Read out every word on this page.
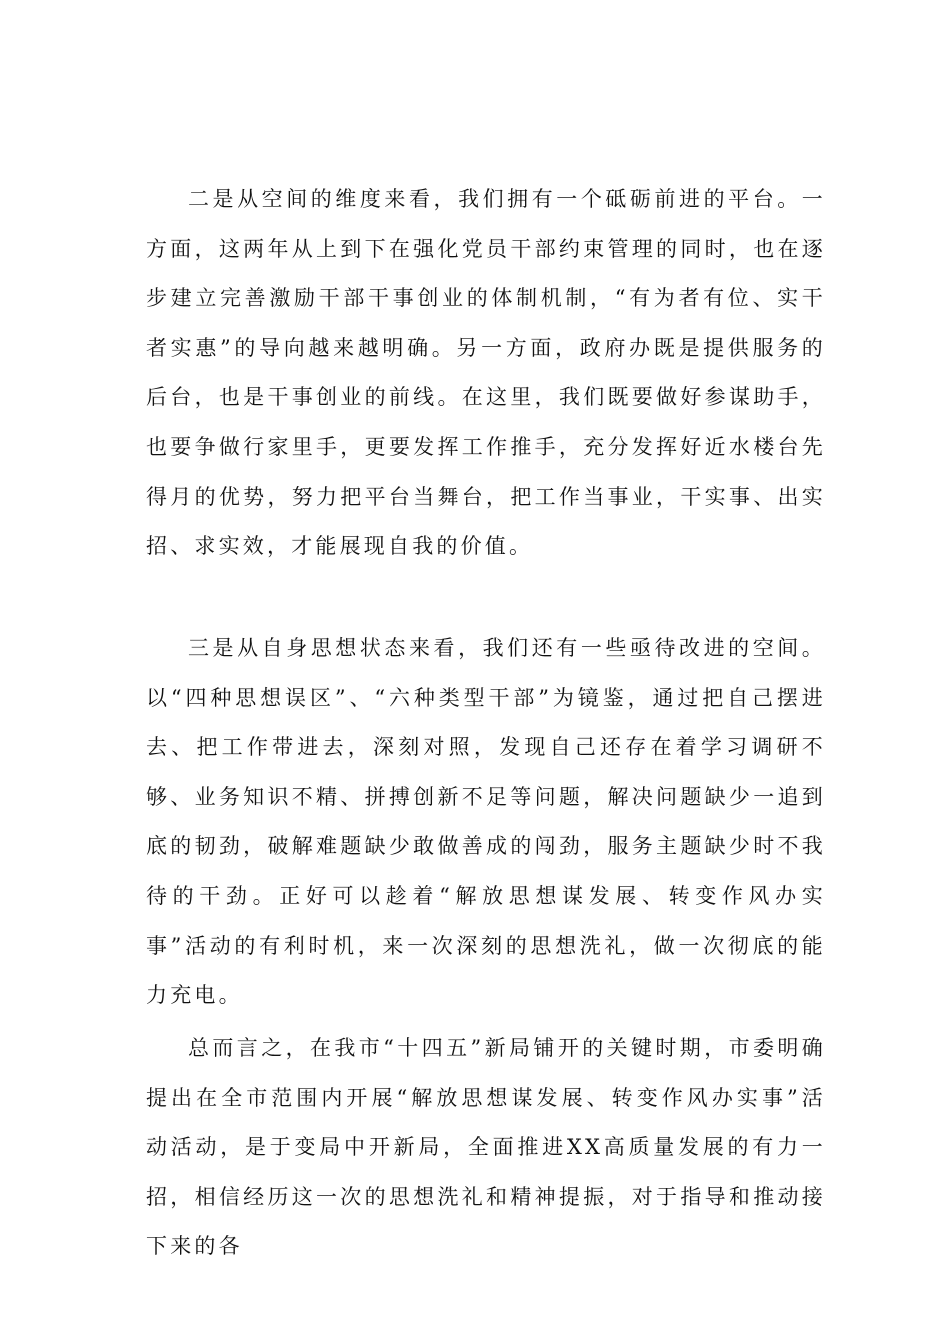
二是从空间的维度来看，我们拥有一个砥砺前进的平台。一方面，这两年从上到下在强化党员干部约束管理的同时，也在逐步建立完善激励干部干事创业的体制机制，“有为者有位、实干者实惠”的导向越来越明确。另一方面，政府办既是提供服务的后台，也是干事创业的前线。在这里，我们既要做好参谋助手，也要争做行家里手，更要发挥工作推手，充分发挥好近水楼台先得月的优势，努力把平台当舞台，把工作当事业，干实事、出实招、求实效，才能展现自我的价值。

三是从自身思想状态来看，我们还有一些亟待改进的空间。以“四种思想误区”、“六种类型干部”为镜鉴，通过把自己摆进去、把工作带进去，深刻对照，发现自己还存在着学习调研不够、业务知识不精、拼搏创新不足等问题，解决问题缺少一追到底的韧劲，破解难题缺少敢做善成的闯劲，服务主题缺少时不我待的干劲。正好可以趁着“解放思想谋发展、转变作风办实事”活动的有利时机，来一次深刻的思想洗礼，做一次彻底的能力充电。

总而言之，在我市“十四五”新局铺开的关键时期，市委明确提出在全市范围内开展“解放思想谋发展、转变作风办实事”活动活动，是于变局中开新局，全面推进XX高质量发展的有力一招，相信经历这一次的思想洗礼和精神提振，对于指导和推动接下来的各
